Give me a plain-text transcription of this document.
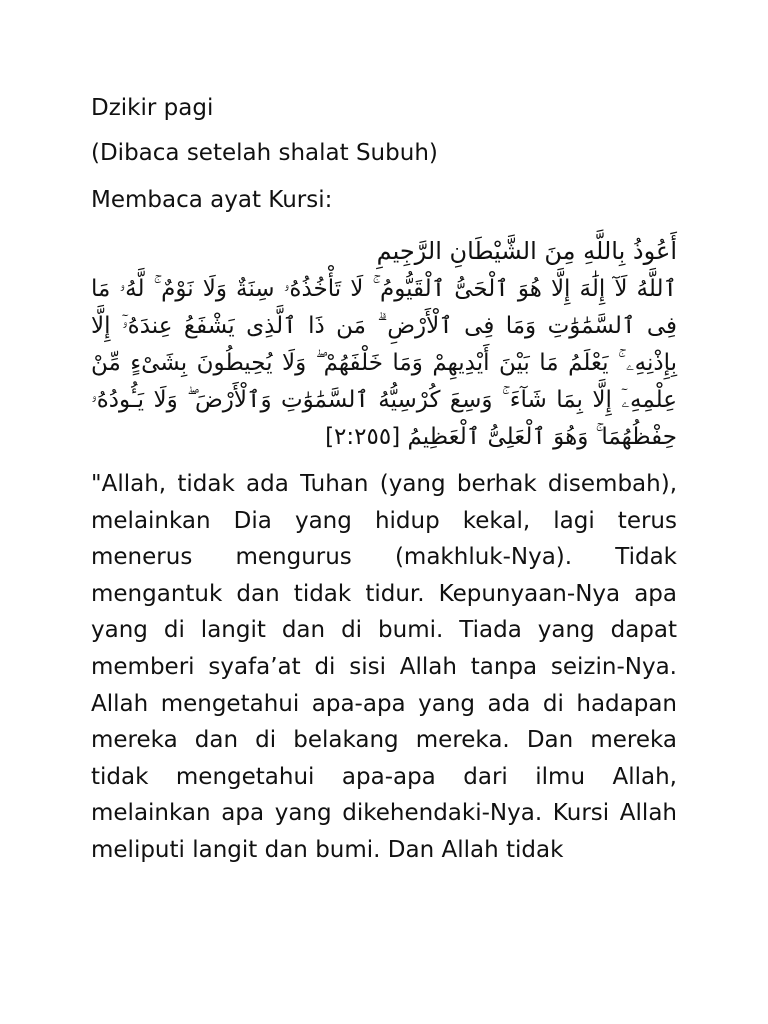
Dzikir pagi
(Dibaca setelah shalat Subuh)
Membaca ayat Kursi:
أَعُوذُ بِاللَّهِ مِنَ الشَّيْطَانِ الرَّجِيمِ
ٱللَّهُ لَآ إِلَٰهَ إِلَّا هُوَ ٱلْحَىُّ ٱلْقَيُّومُ ۚ لَا تَأْخُذُهُۥ سِنَةٌ وَلَا نَوْمٌ ۚ لَّهُۥ مَا فِى ٱلسَّمَٰوَٰتِ وَمَا فِى ٱلْأَرْضِ ۗ مَن ذَا ٱلَّذِى يَشْفَعُ عِندَهُۥٓ إِلَّا بِإِذْنِهِۦ ۚ يَعْلَمُ مَا بَيْنَ أَيْدِيهِمْ وَمَا خَلْفَهُمْ ۖ وَلَا يُحِيطُونَ بِشَىْءٍ مِّنْ عِلْمِهِۦٓ إِلَّا بِمَا شَآءَ ۚ وَسِعَ كُرْسِيُّهُ ٱلسَّمَٰوَٰتِ وَٱلْأَرْضَ ۖ وَلَا يَـُٔودُهُۥ حِفْظُهُمَا ۚ وَهُوَ ٱلْعَلِىُّ ٱلْعَظِيمُ [٢:٢٥٥]

"Allah, tidak ada Tuhan (yang berhak disembah), melainkan Dia yang hidup kekal, lagi terus menerus mengurus (makhluk-Nya). Tidak mengantuk dan tidak tidur. Kepunyaan-Nya apa yang di langit dan di bumi. Tiada yang dapat memberi syafa’at di sisi Allah tanpa seizin-Nya. Allah mengetahui apa-apa yang ada di hadapan mereka dan di belakang mereka. Dan mereka tidak mengetahui apa-apa dari ilmu Allah, melainkan apa yang dikehendaki-Nya. Kursi Allah meliputi langit dan bumi. Dan Allah tidak
